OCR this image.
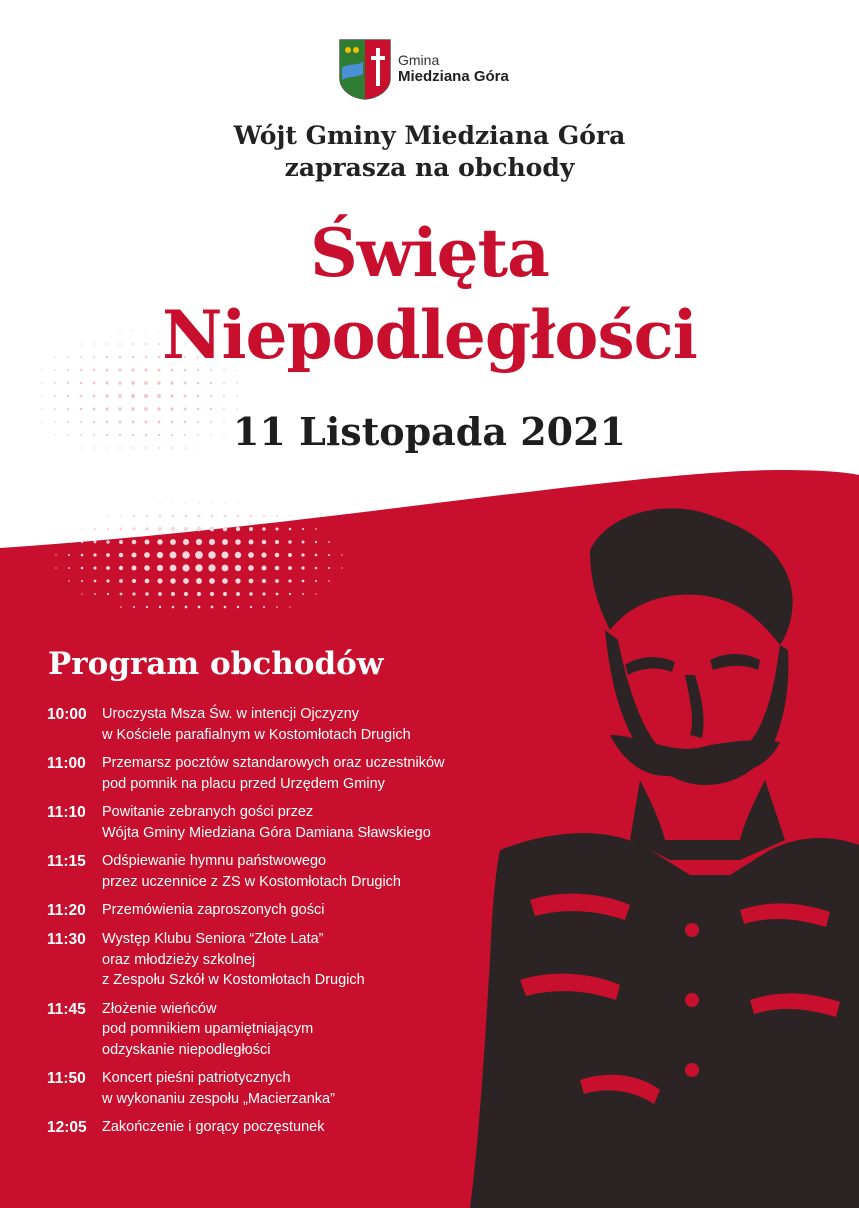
Gmina
Miedziana Góra
Wójt Gminy Miedziana Góra
zaprasza na obchody
Święta
Niepodległości
11 Listopada 2021
Program obchodów
10:00	Uroczysta Msza Św. w intencji Ojczyzny
w Kościele parafialnym w Kostomłotach Drugich
11:00	Przemarsz pocztów sztandarowych oraz uczestników
pod pomnik na placu przed Urzędem Gminy
11:10	Powitanie zebranych gości przez
Wójta Gminy Miedziana Góra Damiana Sławskiego
11:15	Odśpiewanie hymnu państwowego
przez uczennice z ZS w Kostomłotach Drugich
11:20	Przemówienia zaproszonych gości
11:30	Występ Klubu Seniora “Złote Lata”
oraz młodzieży szkolnej
z Zespołu Szkół w Kostomłotach Drugich
11:45	Złożenie wieńców
pod pomnikiem upamiętniającym
odzyskanie niepodległości
11:50	Koncert pieśni patriotycznych
w wykonaniu zespołu „Macierzanka”
12:05	Zakończenie i gorący poczęstunek
